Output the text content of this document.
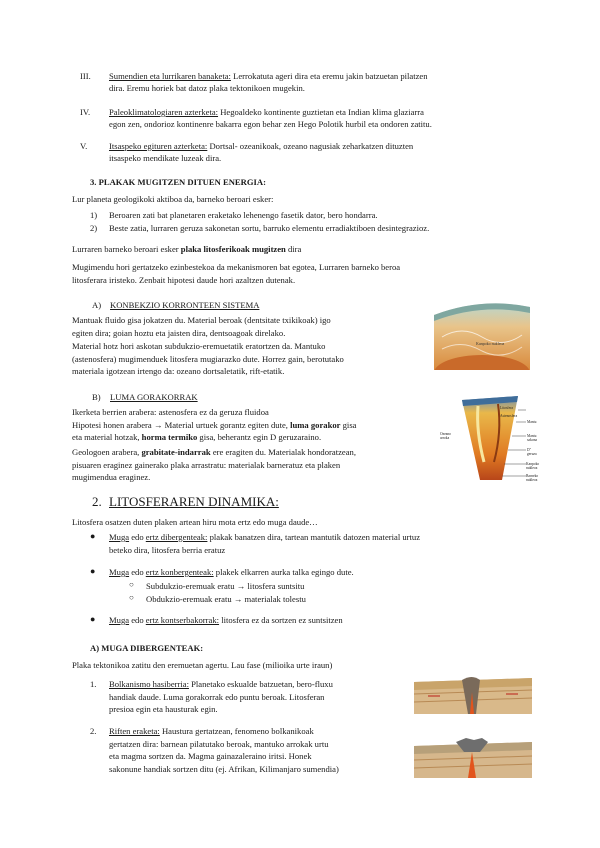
III. Sumendien eta lurrikaren banaketa: Lerrokatuta ageri dira eta eremu jakin batzuetan pilatzen
dira. Eremu horiek bat datoz plaka tektonikoen mugekin.
IV. Paleoklimatologiaren azterketa: Hegoaldeko kontinente guztietan eta Indian klima glaziarra
egon zen, ondorioz kontinenre bakarra egon behar zen Hego Polotik hurbil eta ondoren zatitu.
V.	Itsaspeko egituren azterketa: Dortsal- ozeanikoak, ozeano nagusiak zeharkatzen dituzten
itsaspeko mendikate luzeak dira.
3. PLAKAK MUGITZEN DITUEN ENERGIA:
Lur planeta geologikoki aktiboa da, barneko beroari esker:
1) Beroaren zati bat planetaren eraketako lehenengo fasetik dator, bero hondarra.
2) Beste zatia, lurraren geruza sakonetan sortu, barruko elementu erradiaktiboen desintegrazioz.
Lurraren barneko beroari esker plaka litosferikoak mugitzen dira
Mugimendu hori gertatzeko ezinbestekoa da mekanismoren bat egotea, Lurraren barneko beroa
litosferara iristeko. Zenbait hipotesi daude hori azaltzen dutenak.
A) KONBEKZIO KORRONTEEN SISTEMA
Mantuak fluido gisa jokatzen du. Material beroak (dentsitate txikikoak) igo
egiten dira; goian hoztu eta jaisten dira, dentsoagoak direlako.
Material hotz hori askotan subdukzio-eremuetatik eratortzen da. Mantuko
(astenosfera) mugimenduek litosfera mugiarazko dute. Horrez gain, berotutako
materiala igotzean irtengo da: ozeano dortsaletatik, rift-etatik.
Kanpoko nukleoa
B) LUMA GORAKORRAK
Ikerketa berrien arabera: astenosfera ez da geruza fluidoa
Hipotesi honen arabera → Material urtuek gorantz egiten dute, luma gorakor gisa
eta material hotzak, horma termiko gisa, beherantz egin D geruzaraino.
Geologoen arabera, grabitate-indarrak ere eragiten du. Materialak hondoratzean,
pisuaren eraginez gainerako plaka arrastratu: materialak barneratuz eta plaken
mugimendua eraginez.
Litosfera
Astenosfera
Mantu
Ozeano arroka	Mantu sakona
D" geruza
Kanpoko nukleoa
Barneko nukleoa
2. LITOSFERAREN DINAMIKA:
Litosfera osatzen duten plaken artean hiru mota ertz edo muga daude…
● Muga edo ertz dibergenteak: plakak banatzen dira, tartean mantutik datozen material urtuz
beteko dira, litosfera berria eratuz
● Muga edo ertz konbergenteak: plakek elkarren aurka talka egingo dute.
○ Subdukzio-eremuak eratu → litosfera suntsitu
○ Obdukzio-eremuak eratu → materialak tolestu
● Muga edo ertz kontserbakorrak: litosfera ez da sortzen ez suntsitzen
A) MUGA DIBERGENTEAK:
Plaka tektonikoa zatitu den eremuetan agertu. Lau fase (milioika urte iraun)
1. Bolkanismo hasiberria: Planetako eskualde batzuetan, bero-fluxu
handiak daude. Luma gorakorrak edo puntu beroak. Litosferan
presioa egin eta hausturak egin.
2. Riften eraketa: Haustura gertatzean, fenomeno bolkanikoak
gertatzen dira: barnean pilatutako beroak, mantuko arrokak urtu
eta magma sortzen da. Magma gainazaleraino iritsi. Honek
sakonune handiak sortzen ditu (ej. Afrikan, Kilimanjaro sumendia)
